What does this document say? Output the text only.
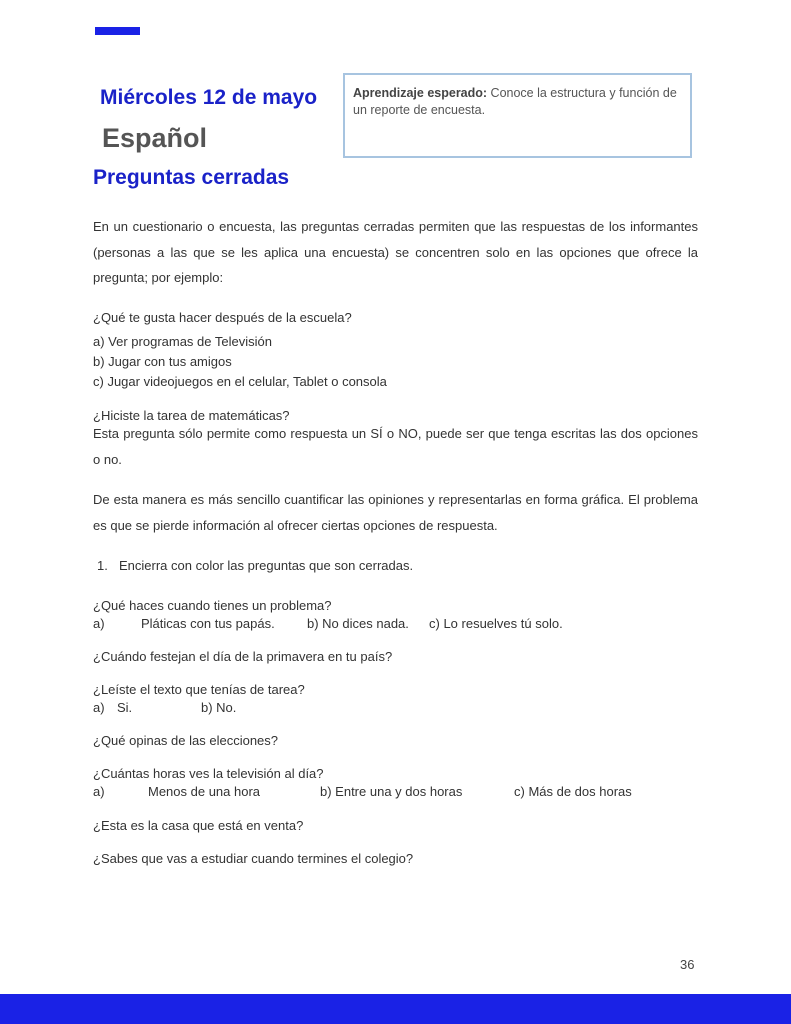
Miércoles 12 de mayo
Español
Preguntas cerradas
Aprendizaje esperado: Conoce la estructura y función de un reporte de encuesta.
En un cuestionario o encuesta, las preguntas cerradas permiten que las respuestas de los informantes (personas a las que se les aplica una encuesta) se concentren solo en las opciones que ofrece la pregunta; por ejemplo:
¿Qué te gusta hacer después de la escuela?
a) Ver programas de Televisión
b) Jugar con tus amigos
c) Jugar videojuegos en el celular, Tablet o consola
¿Hiciste la tarea de matemáticas?
Esta pregunta sólo permite como respuesta un SÍ o NO, puede ser que tenga escritas las dos opciones o no.
De esta manera es más sencillo cuantificar las opiniones y representarlas en forma gráfica. El problema es que se pierde información al ofrecer ciertas opciones de respuesta.
1. Encierra con color las preguntas que son cerradas.
¿Qué haces cuando tienes un problema?
a)	Pláticas con tus papás. b) No dices nada. c) Lo resuelves tú solo.
¿Cuándo festejan el día de la primavera en tu país?
¿Leíste el texto que tenías de tarea?
a) Si.	b) No.
¿Qué opinas de las elecciones?
¿Cuántas horas ves la televisión al día?
a)	Menos de una hora	b) Entre una y dos horas	c) Más de dos horas
¿Esta es la casa que está en venta?
¿Sabes que vas a estudiar cuando termines el colegio?
36
